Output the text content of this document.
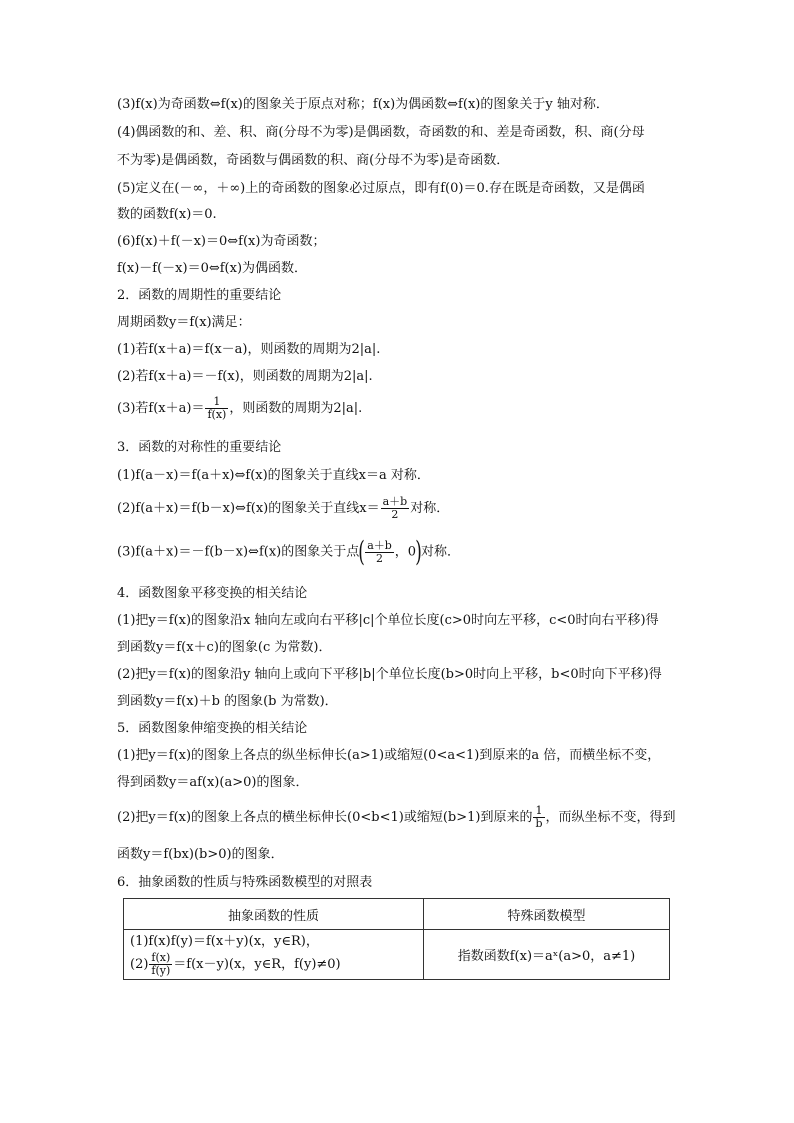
(3)f(x)为奇函数⇔f(x)的图象关于原点对称；f(x)为偶函数⇔f(x)的图象关于y 轴对称．
(4)偶函数的和、差、积、商(分母不为零)是偶函数，奇函数的和、差是奇函数，积、商(分母
不为零)是偶函数，奇函数与偶函数的积、商(分母不为零)是奇函数．
(5)定义在(－∞，＋∞)上的奇函数的图象必过原点，即有f(0)＝0.存在既是奇函数，又是偶函
数的函数f(x)＝0.
(6)f(x)＋f(－x)＝0⇔f(x)为奇函数；
f(x)－f(－x)＝0⇔f(x)为偶函数．
2．函数的周期性的重要结论
周期函数y＝f(x)满足：
(1)若f(x＋a)＝f(x－a)，则函数的周期为2|a|.
(2)若f(x＋a)＝－f(x)，则函数的周期为2|a|.
(3)若$f(x+a)= \frac{1}{f(x)}$ ，则函数的周期为2|a|.
3．函数的对称性的重要结论
(1)f(a－x)＝f(a＋x)⇔f(x)的图象关于直线x＝a 对称．
(2)f(a＋x)＝f(b－x)⇔f(x)的图象关于直线$x= \frac{a+b}{2}$ 对称．
(3)f(a＋x)＝－f(b－x)⇔f(x)的图象关于点( $\frac{a+b}{2}$ ，0)对称．
4．函数图象平移变换的相关结论
(1)把y＝f(x)的图象沿x 轴向左或向右平移|c|个单位长度(c>0时向左平移，c<0时向右平移)得
到函数y＝f(x＋c)的图象(c 为常数)．
(2)把y＝f(x)的图象沿y 轴向上或向下平移|b|个单位长度(b>0时向上平移，b<0时向下平移)得
到函数y＝f(x)＋b 的图象(b 为常数)．
5．函数图象伸缩变换的相关结论
(1)把y＝f(x)的图象上各点的纵坐标伸长(a>1)或缩短(0<a<1)到原来的a 倍，而横坐标不变，
得到函数y＝af(x)(a>0)的图象．
(2)把y＝f(x)的图象上各点的横坐标伸长(0<b<1)或缩短(b>1)到原来的 $\frac{1}{b}$ ，而纵坐标不变，得到
函数y＝f(bx)(b>0)的图象．
6．抽象函数的性质与特殊函数模型的对照表
抽象函数的性质	特殊函数模型

(1)f(x)f(y)＝f(x＋y)(x，y∈R)，
$(2) \frac{f(x)}{f(y)} =f(x-y)(x$，y∈R，f(y)≠0)	指数函数f(x)＝aˣ(a>0，a≠1)
